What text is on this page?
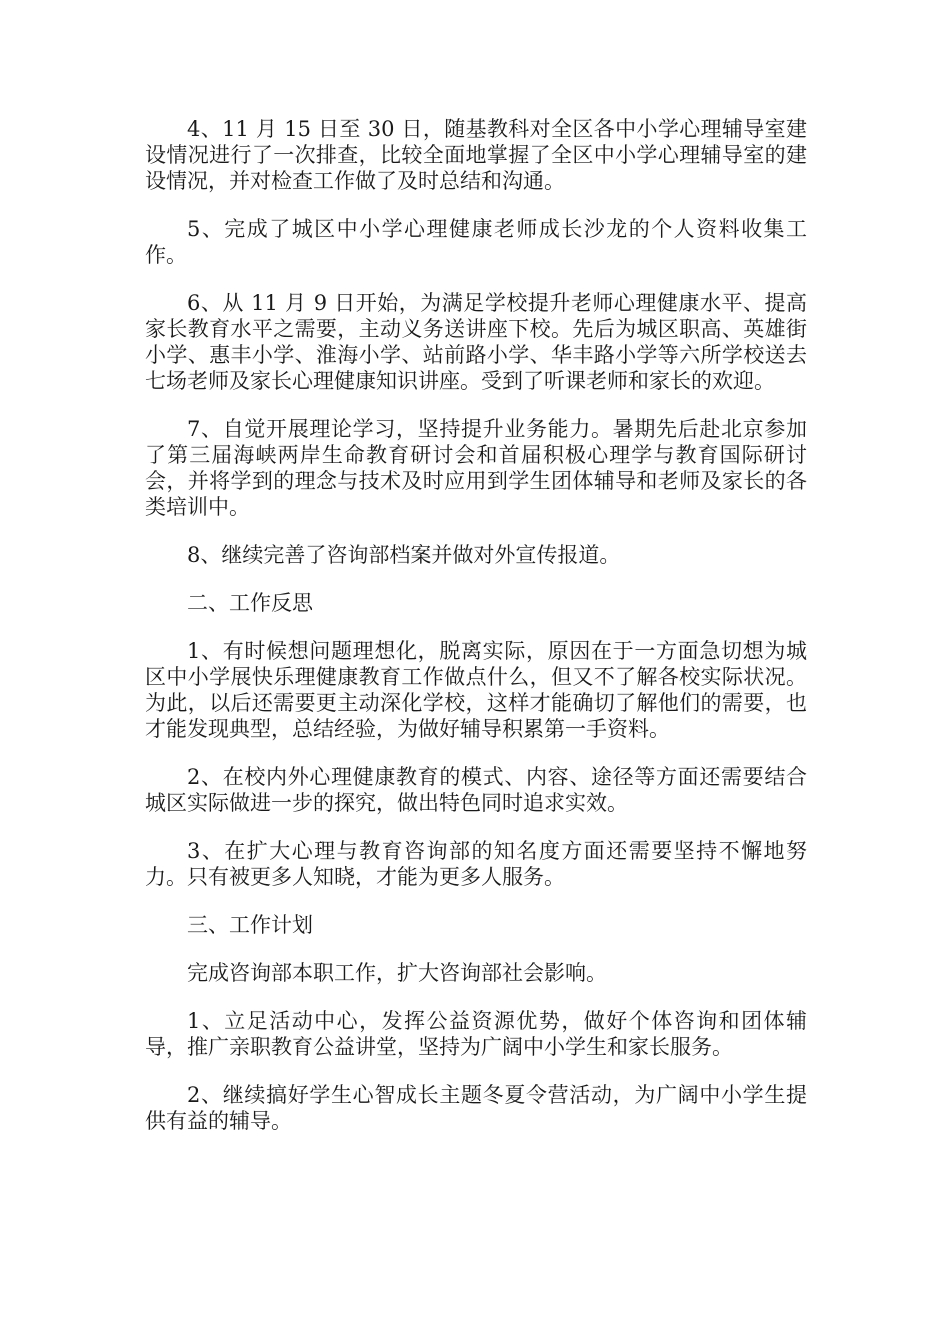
4、11 月 15 日至 30 日，随基教科对全区各中小学心理辅导室建设情况进行了一次排查，比较全面地掌握了全区中小学心理辅导室的建设情况，并对检查工作做了及时总结和沟通。

5、完成了城区中小学心理健康老师成长沙龙的个人资料收集工作。

6、从 11 月 9 日开始，为满足学校提升老师心理健康水平、提高家长教育水平之需要，主动义务送讲座下校。先后为城区职高、英雄街小学、惠丰小学、淮海小学、站前路小学、华丰路小学等六所学校送去七场老师及家长心理健康知识讲座。受到了听课老师和家长的欢迎。

7、自觉开展理论学习，坚持提升业务能力。暑期先后赴北京参加了第三届海峡两岸生命教育研讨会和首届积极心理学与教育国际研讨会，并将学到的理念与技术及时应用到学生团体辅导和老师及家长的各类培训中。

8、继续完善了咨询部档案并做对外宣传报道。

二、工作反思

1、有时候想问题理想化，脱离实际，原因在于一方面急切想为城区中小学展快乐理健康教育工作做点什么，但又不了解各校实际状况。为此，以后还需要更主动深化学校，这样才能确切了解他们的需要，也才能发现典型，总结经验，为做好辅导积累第一手资料。

2、在校内外心理健康教育的模式、内容、途径等方面还需要结合城区实际做进一步的探究，做出特色同时追求实效。

3、在扩大心理与教育咨询部的知名度方面还需要坚持不懈地努力。只有被更多人知晓，才能为更多人服务。

三、工作计划

完成咨询部本职工作，扩大咨询部社会影响。

1、立足活动中心，发挥公益资源优势，做好个体咨询和团体辅导，推广亲职教育公益讲堂，坚持为广阔中小学生和家长服务。

2、继续搞好学生心智成长主题冬夏令营活动，为广阔中小学生提供有益的辅导。
